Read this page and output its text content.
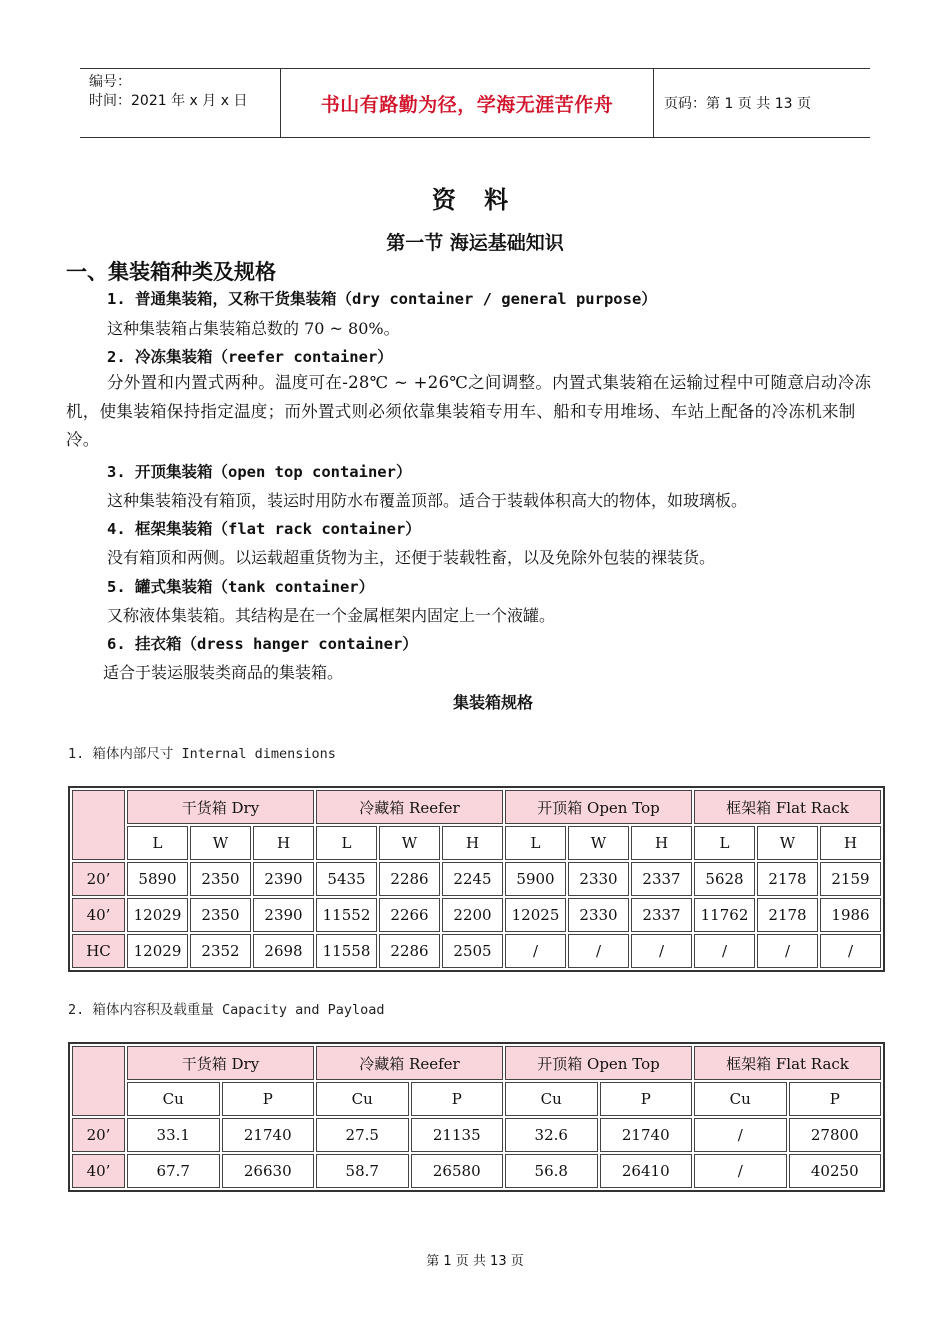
编号：
时间：2021 年 x 月 x 日	书山有路勤为径，学海无涯苦作舟	页码：第 1 页 共 13 页
资 料
第一节 海运基础知识
一、集装箱种类及规格
1. 普通集装箱，又称干货集装箱（dry container / general purpose）
这种集装箱占集装箱总数的 70 ~ 80%。
2. 冷冻集装箱（reefer container）
分外置和内置式两种。温度可在-28℃ ~ +26℃之间调整。内置式集装箱在运输过程中可随意启动冷冻机，使集装箱保持指定温度；而外置式则必须依靠集装箱专用车、船和专用堆场、车站上配备的冷冻机来制冷。
3. 开顶集装箱（open top container）
这种集装箱没有箱顶，装运时用防水布覆盖顶部。适合于装载体积高大的物体，如玻璃板。
4. 框架集装箱（flat rack container）
没有箱顶和两侧。以运载超重货物为主，还便于装载牲畜，以及免除外包装的裸装货。
5. 罐式集装箱（tank container）
又称液体集装箱。其结构是在一个金属框架内固定上一个液罐。
6. 挂衣箱（dress hanger container）
适合于装运服装类商品的集装箱。
集装箱规格
1. 箱体内部尺寸 Internal dimensions
	干货箱 Dry			冷藏箱 Reefer			开顶箱 Open Top			框架箱 Flat Rack		
	L	W	H	L	W	H	L	W	H	L	W	H
20’	5890	2350	2390	5435	2286	2245	5900	2330	2337	5628	2178	2159
40’	12029	2350	2390	11552	2266	2200	12025	2330	2337	11762	2178	1986
HC	12029	2352	2698	11558	2286	2505	/	/	/	/	/	/
2. 箱体内容积及载重量 Capacity and Payload
	干货箱 Dry		冷藏箱 Reefer		开顶箱 Open Top		框架箱 Flat Rack	
	Cu	P	Cu	P	Cu	P	Cu	P
20’	33.1	21740	27.5	21135	32.6	21740	/	27800
40’	67.7	26630	58.7	26580	56.8	26410	/	40250
第 1 页 共 13 页
